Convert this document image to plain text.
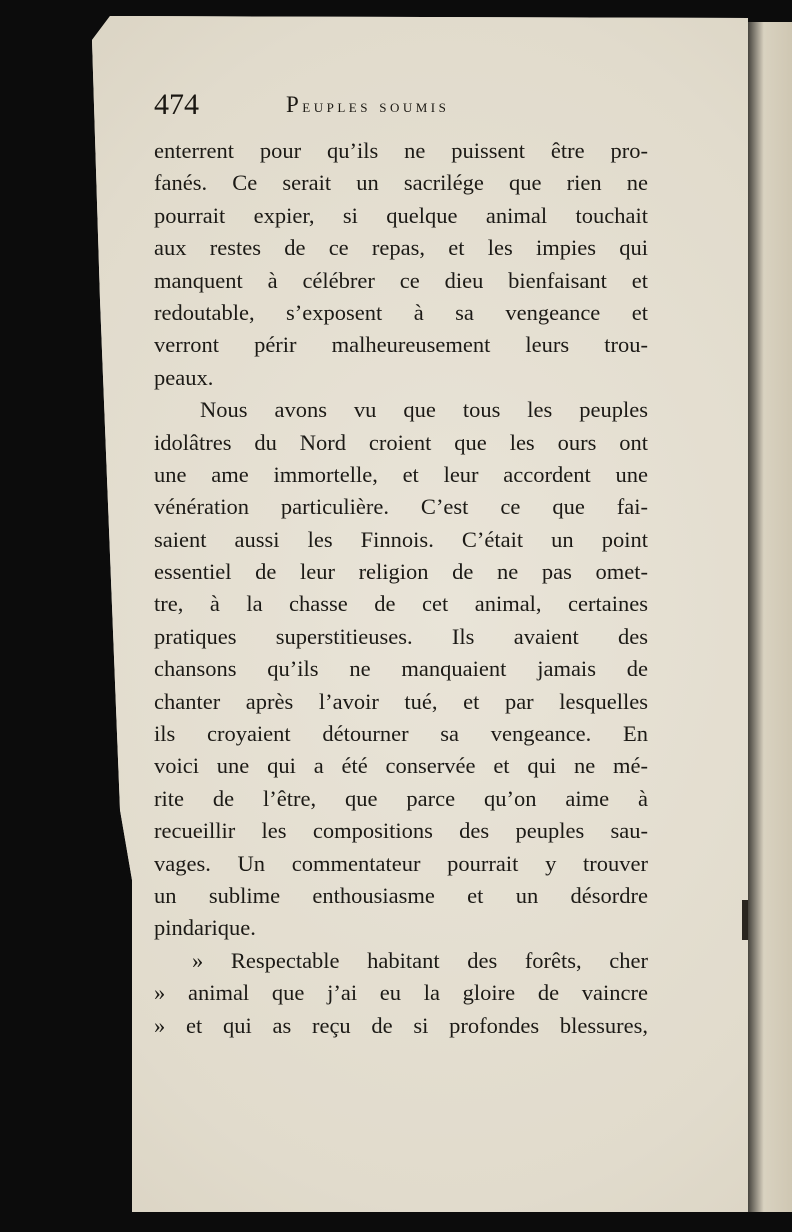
474	Peuples soumis
enterrent pour qu’ils ne puissent être pro-
fanés. Ce serait un sacrilége que rien ne
pourrait expier, si quelque animal touchait
aux restes de ce repas, et les impies qui
manquent à célébrer ce dieu bienfaisant et
redoutable, s’exposent à sa vengeance et
verront périr malheureusement leurs trou-
peaux.
Nous avons vu que tous les peuples
idolâtres du Nord croient que les ours ont
une ame immortelle, et leur accordent une
vénération particulière. C’est ce que fai-
saient aussi les Finnois. C’était un point
essentiel de leur religion de ne pas omet-
tre, à la chasse de cet animal, certaines
pratiques superstitieuses. Ils avaient des
chansons qu’ils ne manquaient jamais de
chanter après l’avoir tué, et par lesquelles
ils croyaient détourner sa vengeance. En
voici une qui a été conservée et qui ne mé-
rite de l’être, que parce qu’on aime à
recueillir les compositions des peuples sau-
vages. Un commentateur pourrait y trouver
un sublime enthousiasme et un désordre
pindarique.
» Respectable habitant des forêts, cher
» animal que j’ai eu la gloire de vaincre
» et qui as reçu de si profondes blessures,
